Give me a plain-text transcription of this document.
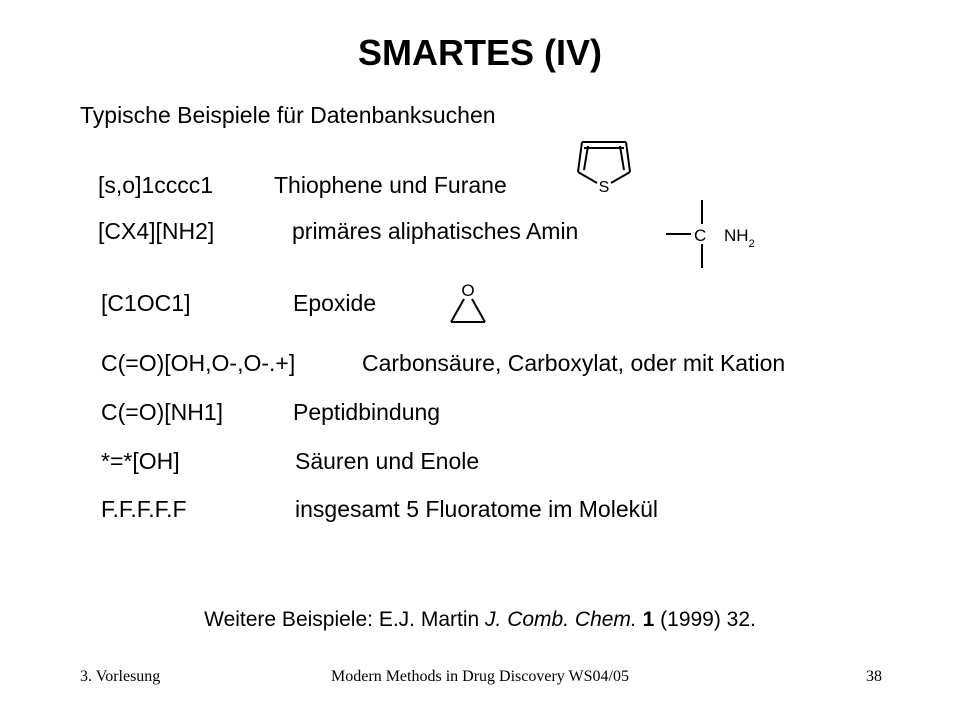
SMARTES (IV)
Typische Beispiele für Datenbanksuchen
[s,o]1cccc1	Thiophene und Furane
[CX4][NH2]	primäres aliphatisches Amin
[C1OC1]	Epoxide
C(=O)[OH,O-,O-.+]	Carbonsäure, Carboxylat, oder mit Kation
C(=O)[NH1]	Peptidbindung
*=*[OH]	Säuren und Enole
F.F.F.F.F	insgesamt 5 Fluoratome im Molekül
S
C $NH_2$
O
Weitere Beispiele: E.J. Martin J. Comb. Chem. 1 (1999) 32.
3. Vorlesung	Modern Methods in Drug Discovery WS04/05	38
